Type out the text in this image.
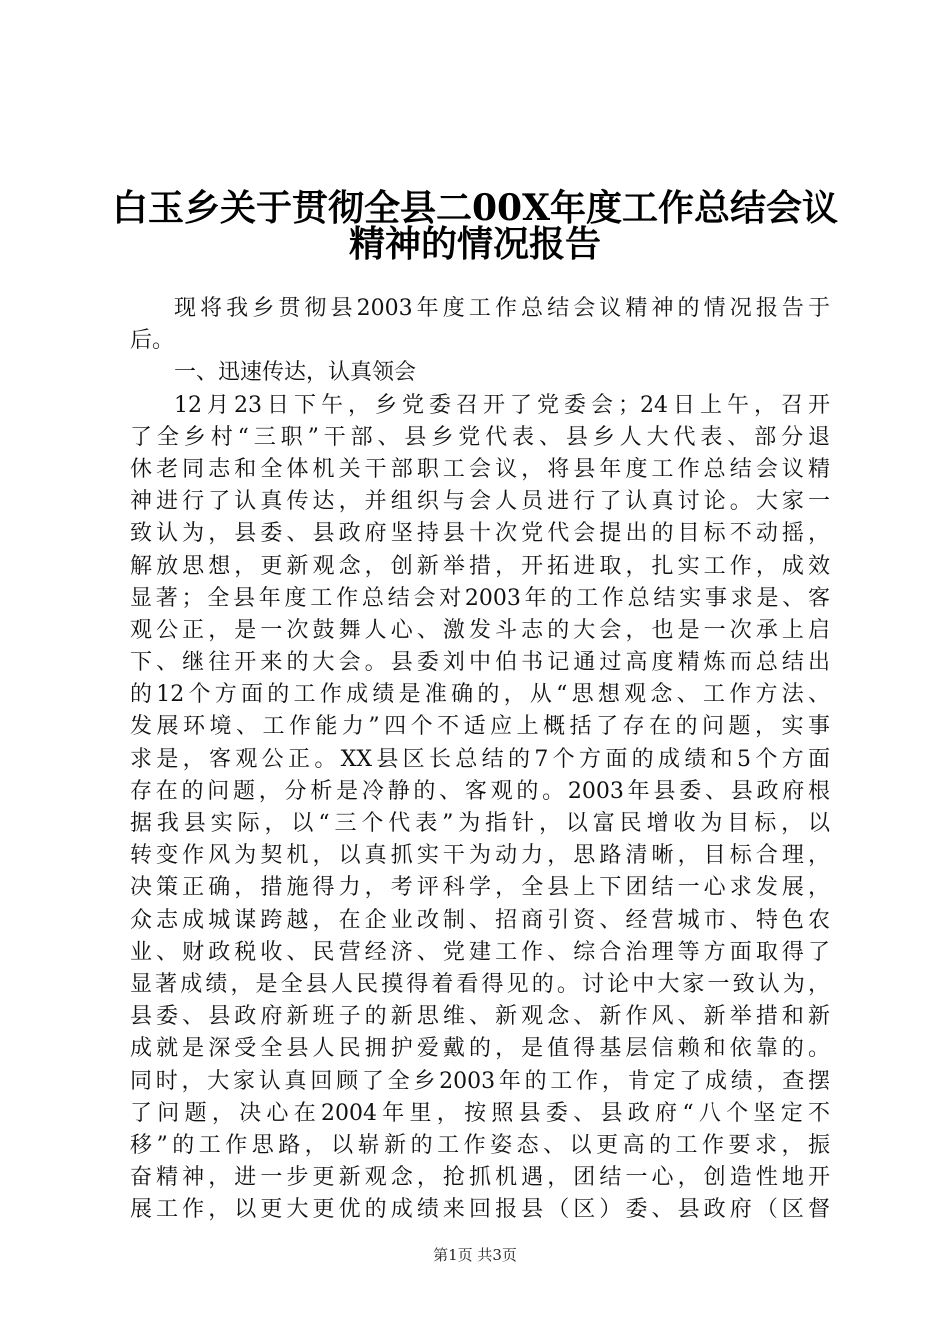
白玉乡关于贯彻全县二00X年度工作总结会议
精神的情况报告
现将我乡贯彻县2003年度工作总结会议精神的情况报告于
后。
一、迅速传达，认真领会
12月23日下午，乡党委召开了党委会；24日上午，召开
了全乡村“三职”干部、县乡党代表、县乡人大代表、部分退
休老同志和全体机关干部职工会议，将县年度工作总结会议精
神进行了认真传达，并组织与会人员进行了认真讨论。大家一
致认为，县委、县政府坚持县十次党代会提出的目标不动摇，
解放思想，更新观念，创新举措，开拓进取，扎实工作，成效
显著；全县年度工作总结会对2003年的工作总结实事求是、客
观公正，是一次鼓舞人心、激发斗志的大会，也是一次承上启
下、继往开来的大会。县委刘中伯书记通过高度精炼而总结出
的12个方面的工作成绩是准确的，从“思想观念、工作方法、
发展环境、工作能力”四个不适应上概括了存在的问题，实事
求是，客观公正。XX县区长总结的7个方面的成绩和5个方面
存在的问题，分析是冷静的、客观的。2003年县委、县政府根
据我县实际，以“三个代表”为指针，以富民增收为目标，以
转变作风为契机，以真抓实干为动力，思路清晰，目标合理，
决策正确，措施得力，考评科学，全县上下团结一心求发展，
众志成城谋跨越，在企业改制、招商引资、经营城市、特色农
业、财政税收、民营经济、党建工作、综合治理等方面取得了
显著成绩，是全县人民摸得着看得见的。讨论中大家一致认为，
县委、县政府新班子的新思维、新观念、新作风、新举措和新
成就是深受全县人民拥护爱戴的，是值得基层信赖和依靠的。
同时，大家认真回顾了全乡2003年的工作，肯定了成绩，查摆
了问题，决心在2004年里，按照县委、县政府“八个坚定不
移”的工作思路，以崭新的工作姿态、以更高的工作要求，振
奋精神，进一步更新观念，抢抓机遇，团结一心，创造性地开
展工作，以更大更优的成绩来回报县（区）委、县政府（区督
第1页 共3页
